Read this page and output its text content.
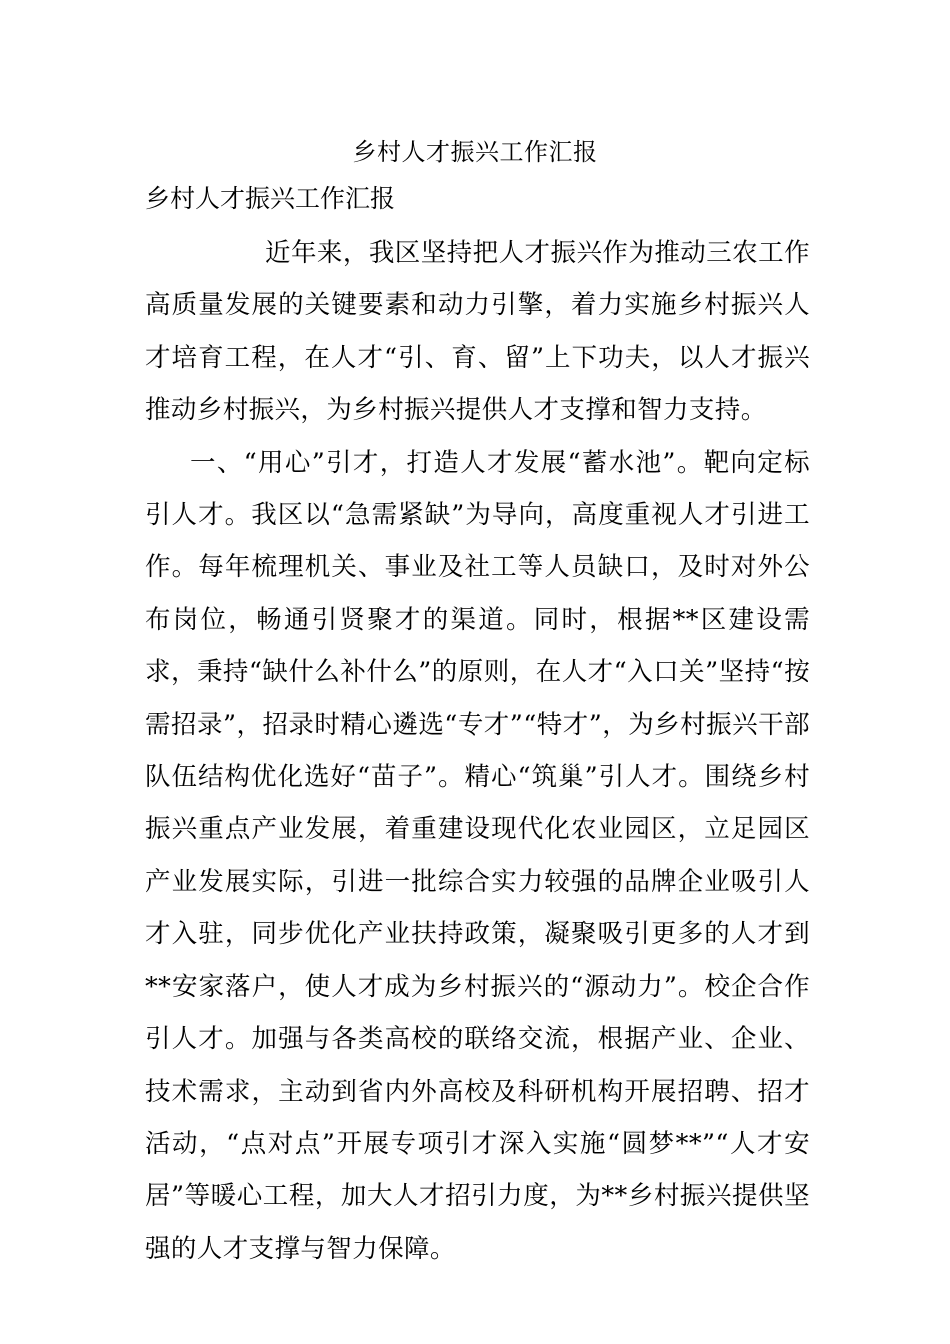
乡村人才振兴工作汇报
乡村人才振兴工作汇报

近年来，我区坚持把人才振兴作为推动三农工作高质量发展的关键要素和动力引擎，着力实施乡村振兴人才培育工程，在人才“引、育、留”上下功夫，以人才振兴推动乡村振兴，为乡村振兴提供人才支撑和智力支持。

一、“用心”引才，打造人才发展“蓄水池”。靶向定标引人才。我区以“急需紧缺”为导向，高度重视人才引进工作。每年梳理机关、事业及社工等人员缺口，及时对外公布岗位，畅通引贤聚才的渠道。同时，根据**区建设需求，秉持“缺什么补什么”的原则，在人才“入口关”坚持“按需招录”，招录时精心遴选“专才”“特才”，为乡村振兴干部队伍结构优化选好“苗子”。精心“筑巢”引人才。围绕乡村振兴重点产业发展，着重建设现代化农业园区，立足园区产业发展实际，引进一批综合实力较强的品牌企业吸引人才入驻，同步优化产业扶持政策，凝聚吸引更多的人才到**安家落户，使人才成为乡村振兴的“源动力”。校企合作引人才。加强与各类高校的联络交流，根据产业、企业、技术需求，主动到省内外高校及科研机构开展招聘、招才活动，“点对点”开展专项引才深入实施“圆梦**”“人才安居”等暖心工程，加大人才招引力度，为**乡村振兴提供坚强的人才支撑与智力保障。
